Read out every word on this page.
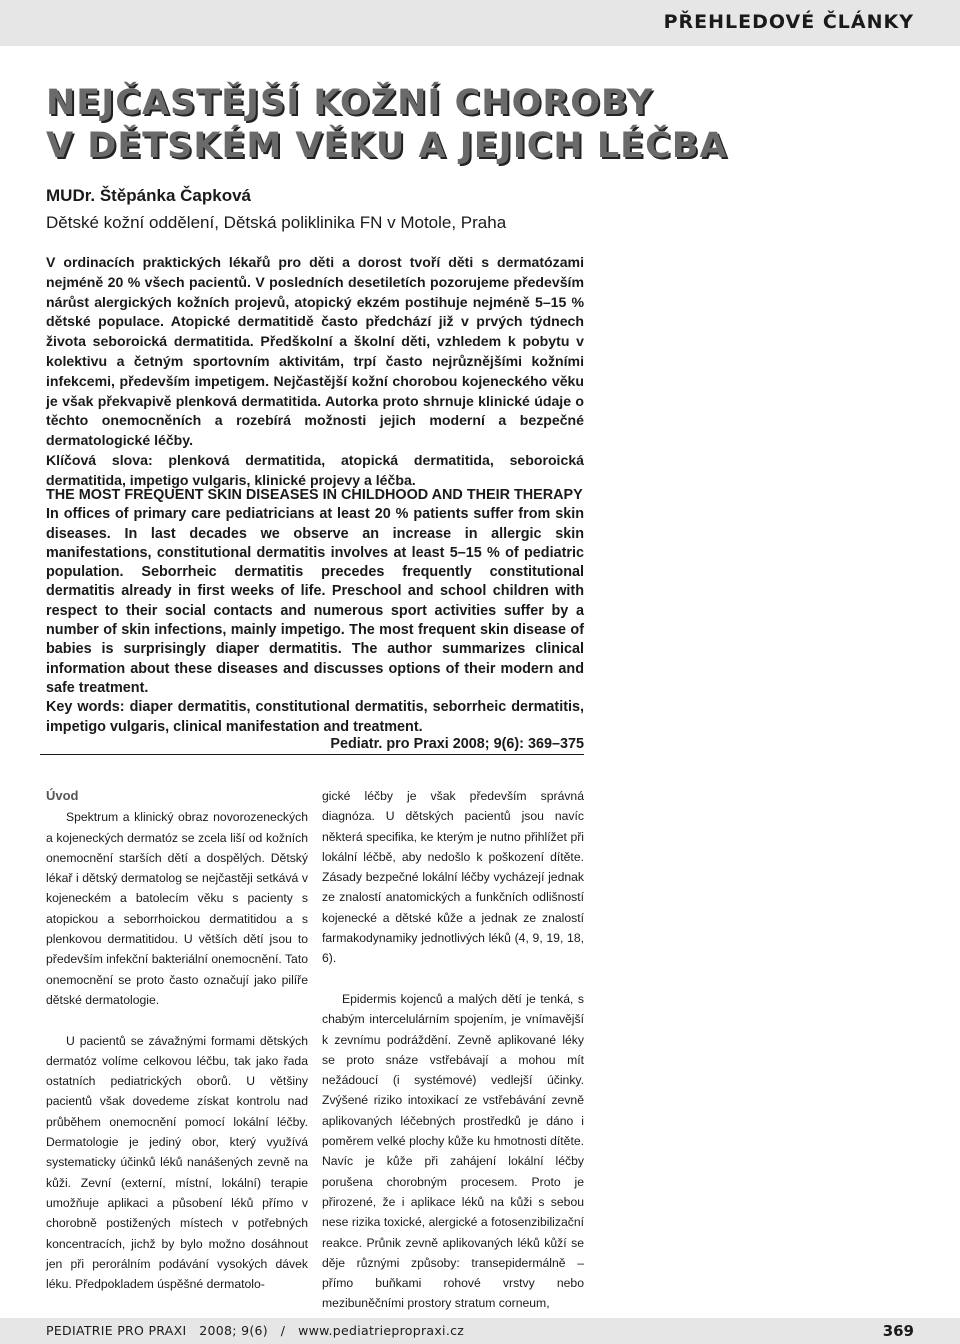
PŘEHLEDOVÉ ČLÁNKY
NEJČASTĚJŠÍ KOŽNÍ CHOROBY
V DĚTSKÉM VĚKU A JEJICH LÉČBA
MUDr. Štěpánka Čapková
Dětské kožní oddělení, Dětská poliklinika FN v Motole, Praha

V ordinacích praktických lékařů pro děti a dorost tvoří děti s dermatózami nejméně 20 % všech pacientů. V posledních desetiletích pozorujeme především nárůst alergických kožních projevů, atopický ekzém postihuje nejméně 5–15 % dětské populace. Atopické dermatitidě často předchází již v prvých týdnech života seboroická dermatitida. Předškolní a školní děti, vzhledem k pobytu v kolektivu a četným sportovním aktivitám, trpí často nejrůznějšími kožními infekcemi, především impetigem. Nejčastější kožní chorobou kojeneckého věku je však překvapivě plenková dermatitida. Autorka proto shrnuje klinické údaje o těchto onemocněních a rozebírá možnosti jejich moderní a bezpečné dermatologické léčby.

Klíčová slova: plenková dermatitida, atopická dermatitida, seboroická dermatitida, impetigo vulgaris, klinické projevy a léčba.

THE MOST FREQUENT SKIN DISEASES IN CHILDHOOD AND THEIR THERAPY

In offices of primary care pediatricians at least 20 % patients suffer from skin diseases. In last decades we observe an increase in allergic skin manifestations, constitutional dermatitis involves at least 5–15 % of pediatric population. Seborrheic dermatitis precedes frequently constitutional dermatitis already in first weeks of life. Preschool and school children with respect to their social contacts and numerous sport activities suffer by a number of skin infections, mainly impetigo. The most frequent skin disease of babies is surprisingly diaper dermatitis. The author summarizes clinical information about these diseases and discusses options of their modern and safe treatment.

Key words: diaper dermatitis, constitutional dermatitis, seborrheic dermatitis, impetigo vulgaris, clinical manifestation and treatment.

Pediatr. pro Praxi 2008; 9(6): 369–375
Úvod

Spektrum a klinický obraz novorozeneckých a kojeneckých dermatóz se zcela liší od kožních onemocnění starších dětí a dospělých. Dětský lékař i dětský dermatolog se nejčastěji setkává v kojeneckém a batolecím věku s pacienty s atopickou a seborrhoickou dermatitidou a s plenkovou dermatitidou. U větších dětí jsou to především infekční bakteriální onemocnění. Tato onemocnění se proto často označují jako pilíře dětské dermatologie.

U pacientů se závažnými formami dětských dermatóz volíme celkovou léčbu, tak jako řada ostatních pediatrických oborů. U většiny pacientů však dovedeme získat kontrolu nad průběhem onemocnění pomocí lokální léčby. Dermatologie je jediný obor, který využívá systematicky účinků léků nanášených zevně na kůži. Zevní (externí, místní, lokální) terapie umožňuje aplikaci a působení léků přímo v chorobně postižených místech v potřebných koncentracích, jichž by bylo možno dosáhnout jen při perorálním podávání vysokých dávek léku. Předpokladem úspěšné dermatolo-

gické léčby je však především správná diagnóza. U dětských pacientů jsou navíc některá specifika, ke kterým je nutno přihlížet při lokální léčbě, aby nedošlo k poškození dítěte. Zásady bezpečné lokální léčby vycházejí jednak ze znalostí anatomických a funkčních odlišností kojenecké a dětské kůže a jednak ze znalostí farmakodynamiky jednotlivých léků (4, 9, 19, 18, 6).

Epidermis kojenců a malých dětí je tenká, s chabým intercelulárním spojením, je vnímavější k zevnímu podráždění. Zevně aplikované léky se proto snáze vstřebávají a mohou mít nežádoucí (i systémové) vedlejší účinky. Zvýšené riziko intoxikací ze vstřebávání zevně aplikovaných léčebných prostředků je dáno i poměrem velké plochy kůže ku hmotnosti dítěte. Navíc je kůže při zahájení lokální léčby porušena chorobným procesem. Proto je přirozené, že i aplikace léků na kůži s sebou nese rizika toxické, alergické a fotosenzibilizační reakce. Průnik zevně aplikovaných léků kůží se děje různými způsoby: transepidermálně – přímo buňkami rohové vrstvy nebo mezibuněčními prostory stratum corneum,

PEDIATRIE PRO PRAXI   2008; 9(6)   /   www.pediatriepropraxi.cz	369
